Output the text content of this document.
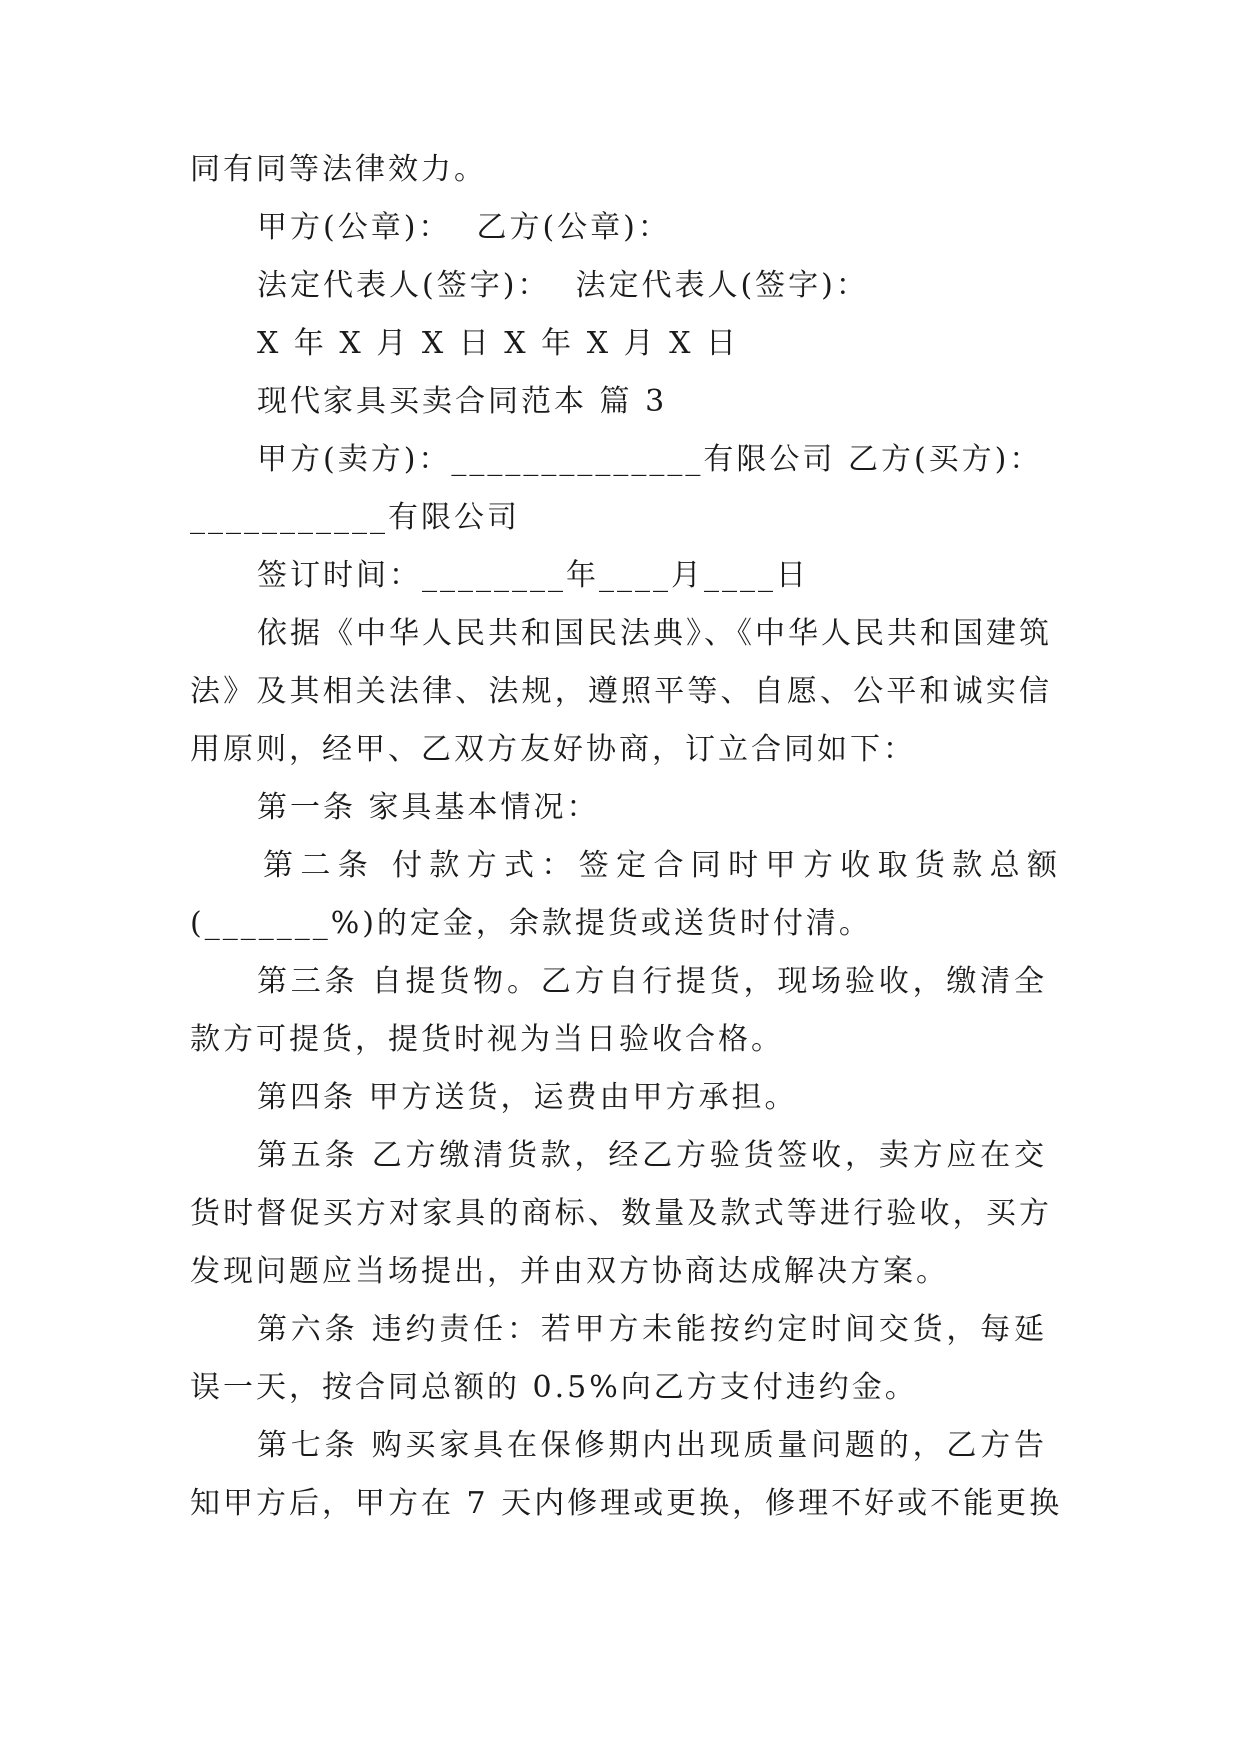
同有同等法律效力。
甲方(公章)：  乙方(公章)：
法定代表人(签字)：  法定代表人(签字)：
X 年 X 月 X 日 X 年 X 月 X 日
现代家具买卖合同范本 篇 3
甲方(卖方)：______________有限公司 乙方(买方)：
___________有限公司
签订时间：________年____月____日
依据《中华人民共和国民法典》、《中华人民共和国建筑
法》及其相关法律、法规，遵照平等、自愿、公平和诚实信
用原则，经甲、乙双方友好协商，订立合同如下：
第一条 家具基本情况：
第二条 付款方式：签定合同时甲方收取货款总额
(_______%)的定金，余款提货或送货时付清。
第三条 自提货物。乙方自行提货，现场验收，缴清全
款方可提货，提货时视为当日验收合格。
第四条 甲方送货，运费由甲方承担。
第五条 乙方缴清货款，经乙方验货签收，卖方应在交
货时督促买方对家具的商标、数量及款式等进行验收，买方
发现问题应当场提出，并由双方协商达成解决方案。
第六条 违约责任：若甲方未能按约定时间交货，每延
误一天，按合同总额的 0.5%向乙方支付违约金。
第七条 购买家具在保修期内出现质量问题的，乙方告
知甲方后，甲方在 7 天内修理或更换，修理不好或不能更换
